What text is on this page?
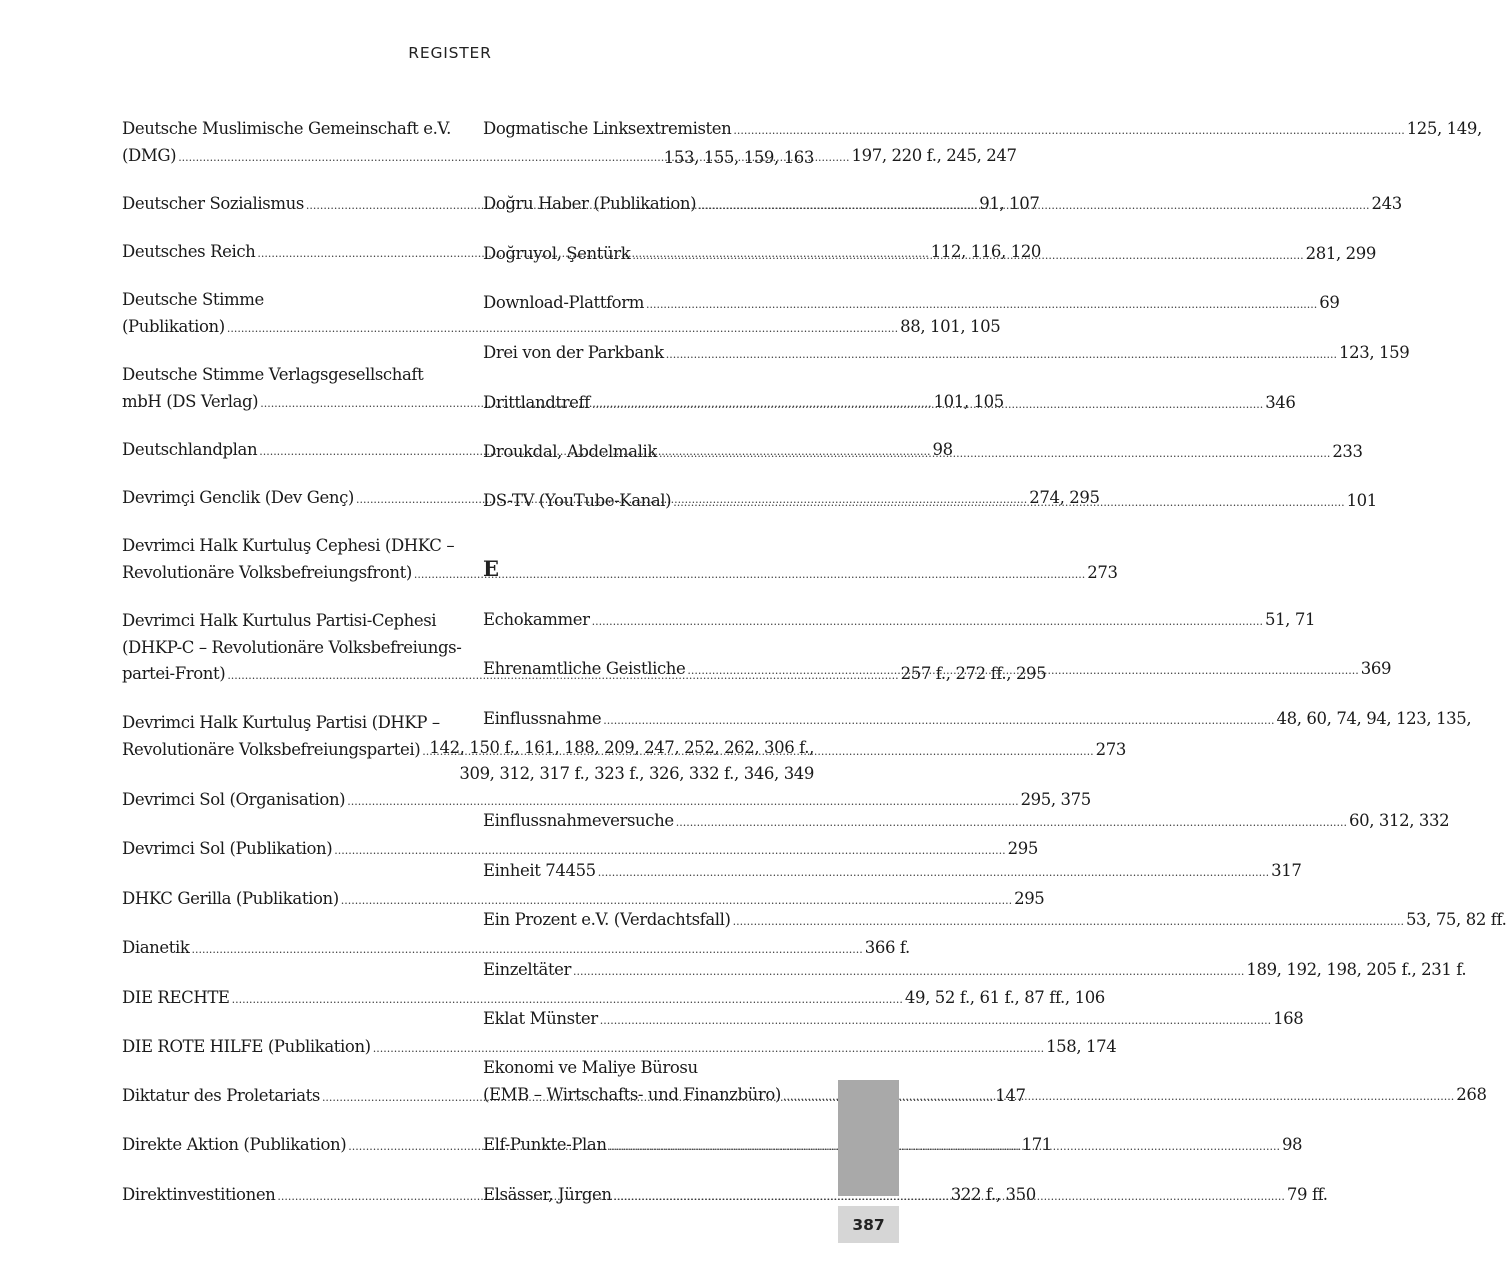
REGISTER
Deutsche Muslimische Gemeinschaft e.V.
(DMG) .....	197, 220 f., 245, 247
Deutscher Sozialismus .....	91, 107
Deutsches Reich .....	112, 116, 120
Deutsche Stimme
(Publikation) .....	88, 101, 105
Deutsche Stimme Verlagsgesellschaft
mbH (DS Verlag) .....	101, 105
Deutschlandplan .....	98
Devrimçi Genclik (Dev Genç) .....	274, 295
Devrimci Halk Kurtuluş Cephesi (DHKC –
Revolutionäre Volksbefreiungsfront) .....	273
Devrimci Halk Kurtulus Partisi-Cephesi
(DHKP-C – Revolutionäre Volksbefreiungs-
partei-Front) .....	257 f., 272 ff., 295
Devrimci Halk Kurtuluş Partisi (DHKP –
Revolutionäre Volksbefreiungspartei) .....	273
Devrimci Sol (Organisation) .....	295, 375
Devrimci Sol (Publikation) .....	295
DHKC Gerilla (Publikation) .....	295
Dianetik .....	366 f.
DIE RECHTE .....	49, 52 f., 61 f., 87 ff., 106
DIE ROTE HILFE (Publikation) .....	158, 174
Diktatur des Proletariats .....	147
Direkte Aktion (Publikation) .....	171
Direktinvestitionen .....	322 f., 350
Dogmatische Linksextremisten .....	125, 149,
153, 155, 159, 163
Doğru Haber (Publikation) .....	243
Doğruyol, Şentürk .....	281, 299
Download-Plattform .....	69
Drei von der Parkbank .....	123, 159
Drittlandtreff .....	346
Droukdal, Abdelmalik .....	233
DS-TV (YouTube-Kanal) .....	101
E
Echokammer .....	51, 71
Ehrenamtliche Geistliche .....	369
Einflussnahme .....	48, 60, 74, 94, 123, 135,
142, 150 f., 161, 188, 209, 247, 252, 262, 306 f.,
309, 312, 317 f., 323 f., 326, 332 f., 346, 349
Einflussnahmeversuche .....	60, 312, 332
Einheit 74455 .....	317
Ein Prozent e.V. (Verdachtsfall) .....	53, 75, 82 ff.
Einzeltäter .....	189, 192, 198, 205 f., 231 f.
Eklat Münster .....	168
Ekonomi ve Maliye Bürosu
(EMB – Wirtschafts- und Finanzbüro) .....	268
Elf-Punkte-Plan .....	98
Elsässer, Jürgen .....	79 ff.
387
